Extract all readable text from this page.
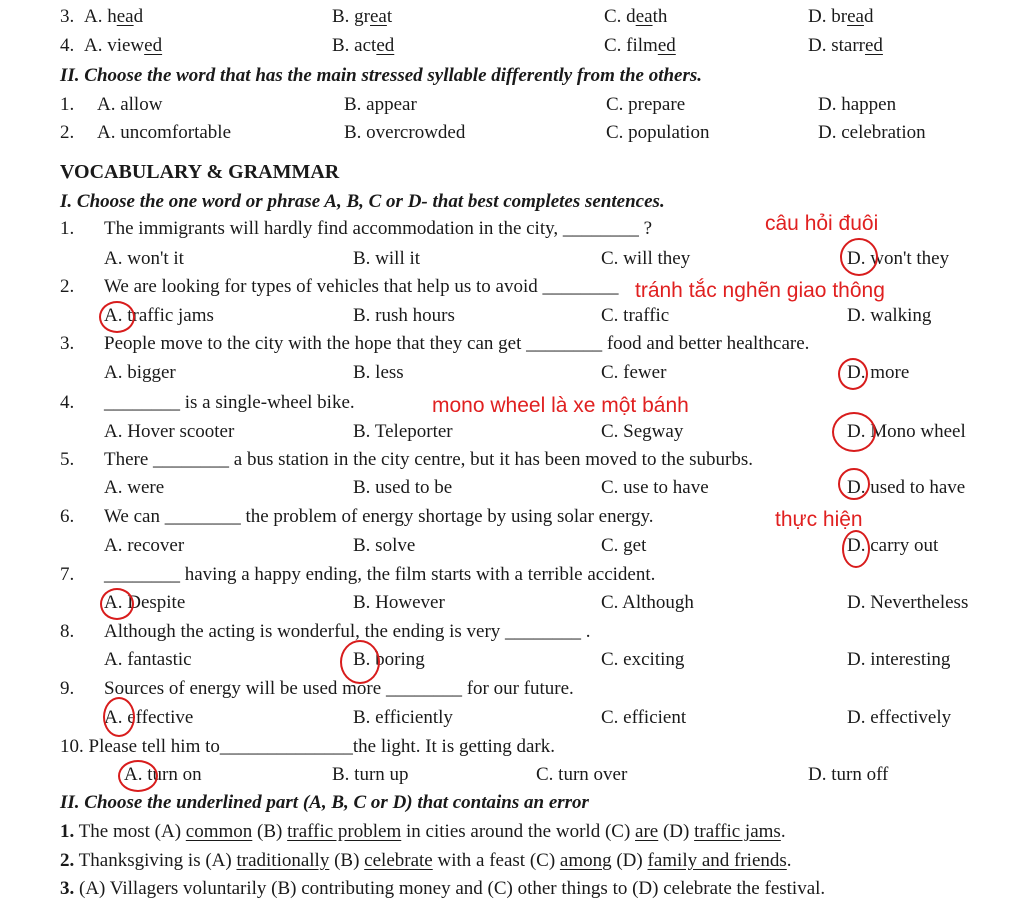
3. A. head	B. great	C. death	D. bread
4. A. viewed	B. acted	C. filmed	D. starred
II. Choose the word that has the main stressed syllable differently from the others.
1. A. allow	B. appear	C. prepare	D. happen
2. A. uncomfortable	B. overcrowded	C. population	D. celebration
VOCABULARY & GRAMMAR
I. Choose the one word or phrase A, B, C or D- that best completes sentences.
1. The immigrants will hardly find accommodation in the city, ________ ?
A. won't it	B. will it	C. will they	D. won't they
2. We are looking for types of vehicles that help us to avoid ________
A. traffic jams	B. rush hours	C. traffic	D. walking
3. People move to the city with the hope that they can get ________ food and better healthcare.
A. bigger	B. less	C. fewer	D. more
4. ________ is a single-wheel bike.
A. Hover scooter	B. Teleporter	C. Segway	D. Mono wheel
5. There ________ a bus station in the city centre, but it has been moved to the suburbs.
A. were	B. used to be	C. use to have	D. used to have
6. We can ________ the problem of energy shortage by using solar energy.
A. recover	B. solve	C. get	D. carry out
7. ________ having a happy ending, the film starts with a terrible accident.
A. Despite	B. However	C. Although	D. Nevertheless
8. Although the acting is wonderful, the ending is very ________ .
A. fantastic	B. boring	C. exciting	D. interesting
9. Sources of energy will be used more ________ for our future.
A. effective	B. efficiently	C. efficient	D. effectively
10. Please tell him to______________the light. It is getting dark.
A. turn on	B. turn up	C. turn over	D. turn off
II. Choose the underlined part (A, B, C or D) that contains an error
1. The most (A) common (B) traffic problem in cities around the world (C) are (D) traffic jams.
2. Thanksgiving is (A) traditionally (B) celebrate with a feast (C) among (D) family and friends.
3. (A) Villagers voluntarily (B) contributing money and (C) other things to (D) celebrate the festival.
câu hỏi đuôi
tránh tắc nghẽn giao thông
mono wheel là xe một bánh
thực hiện
